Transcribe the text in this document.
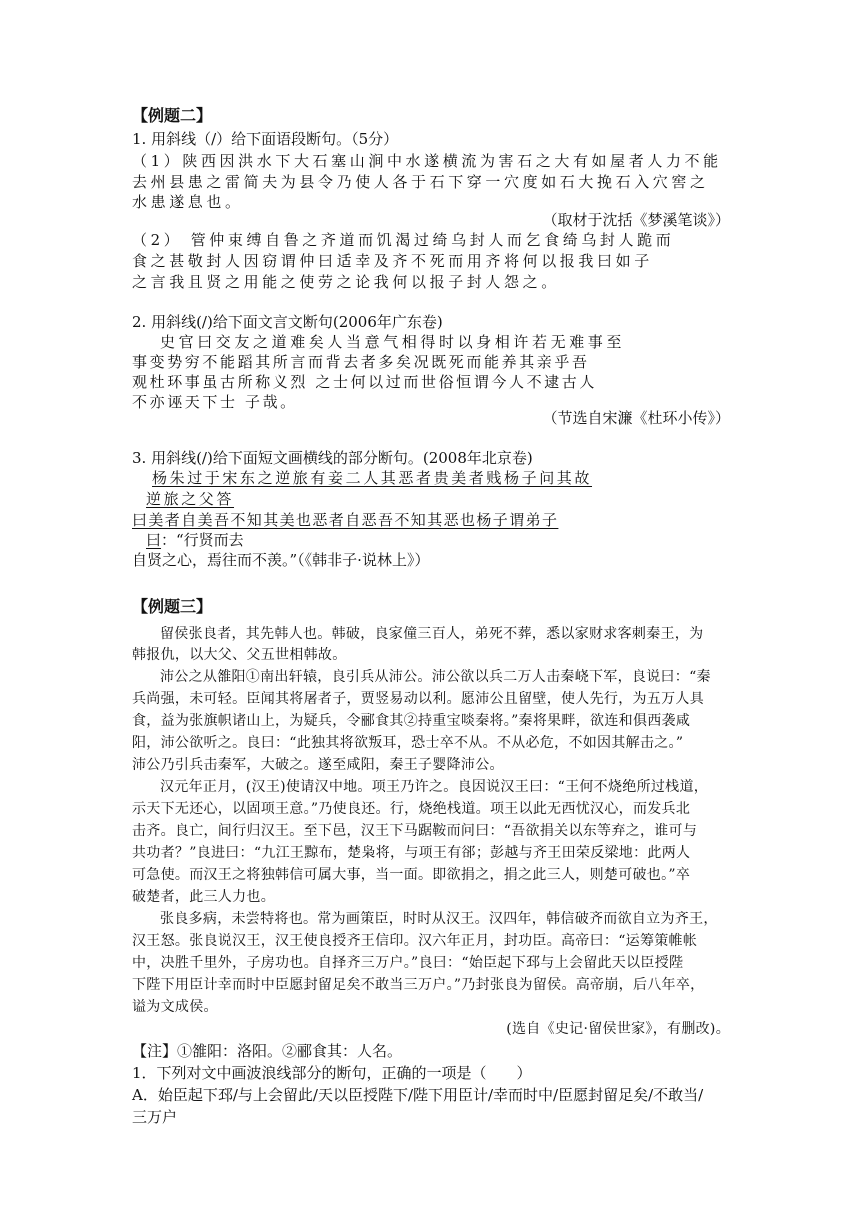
【例题二】
1. 用斜线（/）给下面语段断句。（5分）
（1）陕西因洪水下大石塞山涧中水遂横流为害石之大有如屋者人力不能
去州县患之雷简夫为县令乃使人各于石下穿一穴度如石大挽石入穴窖之
水患遂息也。
（取材于沈括《梦溪笔谈》）
（2） 管仲束缚自鲁之齐道而饥渴过绮乌封人而乞食绮乌封人跪而
食之甚敬封人因窃谓仲曰适幸及齐不死而用齐将何以报我曰如子
之言我且贤之用能之使劳之论我何以报子封人怨之。
2. 用斜线(/)给下面文言文断句(2006年广东卷)
史官曰交友之道难矣人当意气相得时以身相许若无难事至
事变势穷不能蹈其所言而背去者多矣况既死而能养其亲乎吾
观杜环事虽古所称义烈 之士何以过而世俗恒谓今人不逮古人
不亦诬天下士 子哉。
（节选自宋濂《杜环小传》）
3. 用斜线(/)给下面短文画横线的部分断句。(2008年北京卷)
杨朱过于宋东之逆旅有妾二人其恶者贵美者贱杨子问其故
逆旅之父答
曰美者自美吾不知其美也恶者自恶吾不知其恶也杨子谓弟子
曰：“行贤而去
自贤之心，焉往而不羡。”（《韩非子·说林上》）
【例题三】
留侯张良者，其先韩人也。韩破，良家僮三百人，弟死不葬，悉以家财求客刺秦王，为
韩报仇，以大父、父五世相韩故。
沛公之从雒阳①南出轩辕，良引兵从沛公。沛公欲以兵二万人击秦峣下军，良说曰：“秦
兵尚强，未可轻。臣闻其将屠者子，贾竖易动以利。愿沛公且留壁，使人先行，为五万人具
食，益为张旗帜诸山上，为疑兵，令郦食其②持重宝啖秦将。”秦将果畔，欲连和俱西袭咸
阳，沛公欲听之。良曰：“此独其将欲叛耳，恐士卒不从。不从必危，不如因其解击之。”
沛公乃引兵击秦军，大破之。遂至咸阳，秦王子婴降沛公。
汉元年正月，(汉王)使请汉中地。项王乃许之。良因说汉王曰：“王何不烧绝所过栈道，
示天下无还心，以固项王意。”乃使良还。行，烧绝栈道。项王以此无西忧汉心，而发兵北
击齐。良亡，间行归汉王。至下邑，汉王下马踞鞍而问曰：“吾欲捐关以东等弃之，谁可与
共功者？”良进曰：“九江王黥布，楚枭将，与项王有郤；彭越与齐王田荣反梁地：此两人
可急使。而汉王之将独韩信可属大事，当一面。即欲捐之，捐之此三人，则楚可破也。”卒
破楚者，此三人力也。
张良多病，未尝特将也。常为画策臣，时时从汉王。汉四年，韩信破齐而欲自立为齐王，
汉王怒。张良说汉王，汉王使良授齐王信印。汉六年正月，封功臣。高帝曰：“运筹策帷帐
中，决胜千里外，子房功也。自择齐三万户。”良曰：“始臣起下邳与上会留此天以臣授陛
下陛下用臣计幸而时中臣愿封留足矣不敢当三万户。”乃封张良为留侯。高帝崩，后八年卒，
谥为文成侯。
(选自《史记·留侯世家》，有删改)。
【注】①雒阳：洛阳。②郦食其：人名。
1．下列对文中画波浪线部分的断句，正确的一项是（　　）
A．始臣起下邳/与上会留此/天以臣授陛下/陛下用臣计/幸而时中/臣愿封留足矣/不敢当/
三万户
